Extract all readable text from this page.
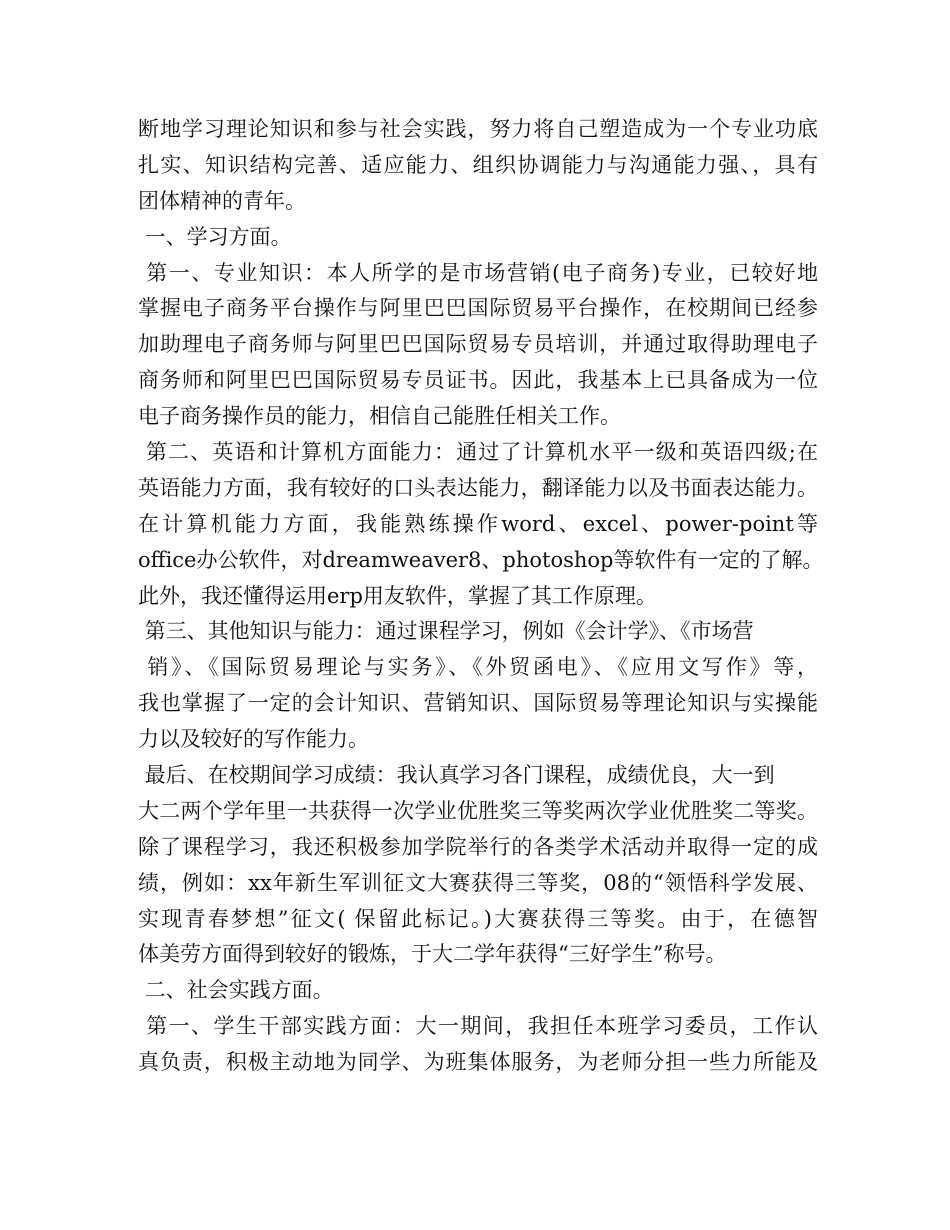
断地学习理论知识和参与社会实践，努力将自己塑造成为一个专业功底
扎实、知识结构完善、适应能力、组织协调能力与沟通能力强、，具有
团体精神的青年。
一、学习方面。
第一、专业知识：本人所学的是市场营销(电子商务)专业，已较好地
掌握电子商务平台操作与阿里巴巴国际贸易平台操作，在校期间已经参
加助理电子商务师与阿里巴巴国际贸易专员培训，并通过取得助理电子
商务师和阿里巴巴国际贸易专员证书。因此，我基本上已具备成为一位
电子商务操作员的能力，相信自己能胜任相关工作。
第二、英语和计算机方面能力：通过了计算机水平一级和英语四级;在
英语能力方面，我有较好的口头表达能力，翻译能力以及书面表达能力。
在计算机能力方面，我能熟练操作word、excel、power-point等
office办公软件，对dreamweaver8、photoshop等软件有一定的了解。
此外，我还懂得运用erp用友软件，掌握了其工作原理。
第三、其他知识与能力：通过课程学习，例如《会计学》、《市场营
销》、《国际贸易理论与实务》、《外贸函电》、《应用文写作》等，
我也掌握了一定的会计知识、营销知识、国际贸易等理论知识与实操能
力以及较好的写作能力。
最后、在校期间学习成绩：我认真学习各门课程，成绩优良，大一到
大二两个学年里一共获得一次学业优胜奖三等奖两次学业优胜奖二等奖。
除了课程学习，我还积极参加学院举行的各类学术活动并取得一定的成
绩，例如：xx年新生军训征文大赛获得三等奖，08的“领悟科学发展、
实现青春梦想”征文( 保留此标记。)大赛获得三等奖。由于，在德智
体美劳方面得到较好的锻炼，于大二学年获得“三好学生”称号。
二、社会实践方面。
第一、学生干部实践方面：大一期间，我担任本班学习委员，工作认
真负责，积极主动地为同学、为班集体服务，为老师分担一些力所能及
